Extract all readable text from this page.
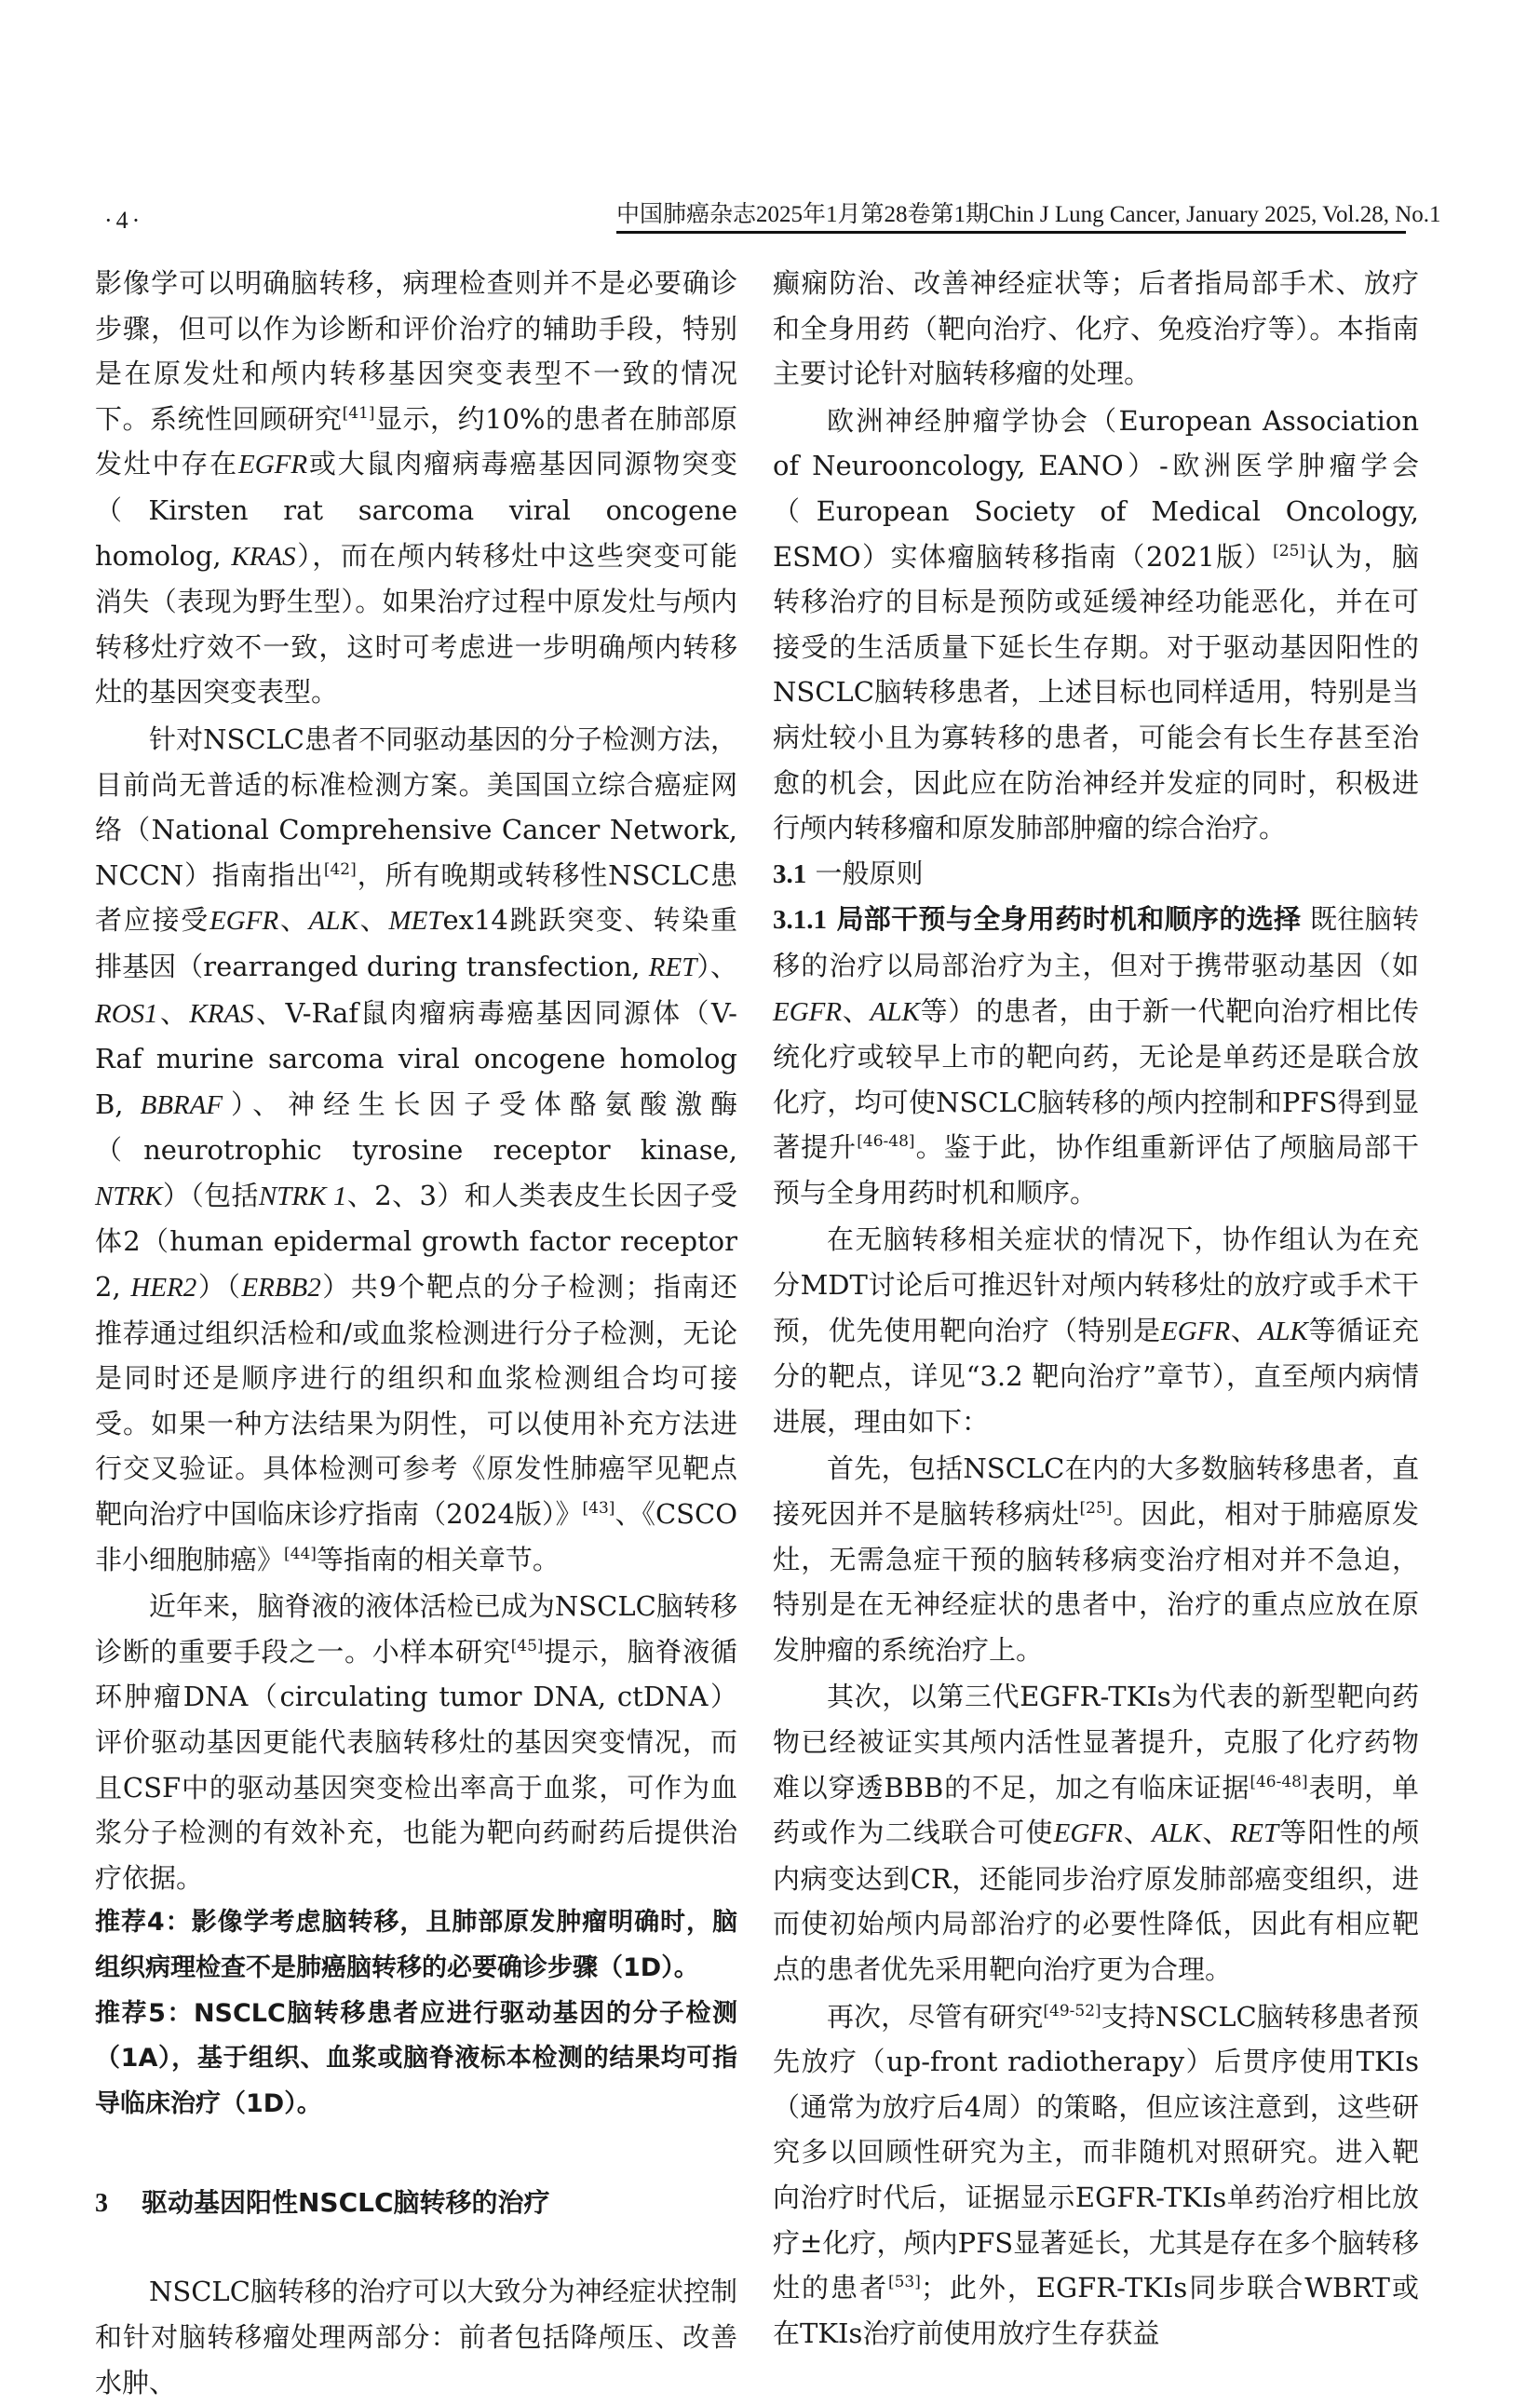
·4·	中国肺癌杂志2025年1月第28卷第1期 Chin J Lung Cancer, January 2025, Vol.28, No.1

影像学可以明确脑转移，病理检查则并不是必要确诊步骤，但可以作为诊断和评价治疗的辅助手段，特别是在原发灶和颅内转移基因突变表型不一致的情况下。系统性回顾研究[41]显示，约10%的患者在肺部原发灶中存在EGFR或大鼠肉瘤病毒癌基因同源物突变（Kirsten rat sarcoma viral oncogene homolog, KRAS），而在颅内转移灶中这些突变可能消失（表现为野生型）。如果治疗过程中原发灶与颅内转移灶疗效不一致，这时可考虑进一步明确颅内转移灶的基因突变表型。

针对NSCLC患者不同驱动基因的分子检测方法，目前尚无普适的标准检测方案。美国国立综合癌症网络（National Comprehensive Cancer Network, NCCN）指南指出[42]，所有晚期或转移性NSCLC患者应接受EGFR、ALK、METex14跳跃突变、转染重排基因（rearranged during transfection, RET）、ROS1、KRAS、V-Raf鼠肉瘤病毒癌基因同源体（V-Raf murine sarcoma viral oncogene homolog B, BBRAF）、神经生长因子受体酪氨酸激酶（neurotrophic tyrosine receptor kinase, NTRK）（包括NTRK 1、2、3）和人类表皮生长因子受体2（human epidermal growth factor receptor 2, HER2）（ERBB2）共9个靶点的分子检测；指南还推荐通过组织活检和/或血浆检测进行分子检测，无论是同时还是顺序进行的组织和血浆检测组合均可接受。如果一种方法结果为阴性，可以使用补充方法进行交叉验证。具体检测可参考《原发性肺癌罕见靶点靶向治疗中国临床诊疗指南（2024版）》[43]、《CSCO非小细胞肺癌》[44]等指南的相关章节。

近年来，脑脊液的液体活检已成为NSCLC脑转移诊断的重要手段之一。小样本研究[45]提示，脑脊液循环肿瘤DNA（circulating tumor DNA, ctDNA）评价驱动基因更能代表脑转移灶的基因突变情况，而且CSF中的驱动基因突变检出率高于血浆，可作为血浆分子检测的有效补充，也能为靶向药耐药后提供治疗依据。

推荐4：影像学考虑脑转移，且肺部原发肿瘤明确时，脑组织病理检查不是肺癌脑转移的必要确诊步骤（1D）。

推荐5：NSCLC脑转移患者应进行驱动基因的分子检测（1A），基于组织、血浆或脑脊液标本检测的结果均可指导临床治疗（1D）。

3 驱动基因阳性NSCLC脑转移的治疗

NSCLC脑转移的治疗可以大致分为神经症状控制和针对脑转移瘤处理两部分：前者包括降颅压、改善水肿、

癫痫防治、改善神经症状等；后者指局部手术、放疗和全身用药（靶向治疗、化疗、免疫治疗等）。本指南主要讨论针对脑转移瘤的处理。

欧洲神经肿瘤学协会（European Association of Neurooncology, EANO）-欧洲医学肿瘤学会（European Society of Medical Oncology, ESMO）实体瘤脑转移指南（2021版）[25]认为，脑转移治疗的目标是预防或延缓神经功能恶化，并在可接受的生活质量下延长生存期。对于驱动基因阳性的NSCLC脑转移患者，上述目标也同样适用，特别是当病灶较小且为寡转移的患者，可能会有长生存甚至治愈的机会，因此应在防治神经并发症的同时，积极进行颅内转移瘤和原发肺部肿瘤的综合治疗。

3.1 一般原则

3.1.1 局部干预与全身用药时机和顺序的选择 既往脑转移的治疗以局部治疗为主，但对于携带驱动基因（如EGFR、ALK等）的患者，由于新一代靶向治疗相比传统化疗或较早上市的靶向药，无论是单药还是联合放化疗，均可使NSCLC脑转移的颅内控制和PFS得到显著提升[46-48]。鉴于此，协作组重新评估了颅脑局部干预与全身用药时机和顺序。

在无脑转移相关症状的情况下，协作组认为在充分MDT讨论后可推迟针对颅内转移灶的放疗或手术干预，优先使用靶向治疗（特别是EGFR、ALK等循证充分的靶点，详见“3.2 靶向治疗”章节），直至颅内病情进展，理由如下：

首先，包括NSCLC在内的大多数脑转移患者，直接死因并不是脑转移病灶[25]。因此，相对于肺癌原发灶，无需急症干预的脑转移病变治疗相对并不急迫，特别是在无神经症状的患者中，治疗的重点应放在原发肿瘤的系统治疗上。

其次，以第三代EGFR-TKIs为代表的新型靶向药物已经被证实其颅内活性显著提升，克服了化疗药物难以穿透BBB的不足，加之有临床证据[46-48]表明，单药或作为二线联合可使EGFR、ALK、RET等阳性的颅内病变达到CR，还能同步治疗原发肺部癌变组织，进而使初始颅内局部治疗的必要性降低，因此有相应靶点的患者优先采用靶向治疗更为合理。

再次，尽管有研究[49-52]支持NSCLC脑转移患者预先放疗（up-front radiotherapy）后贯序使用TKIs（通常为放疗后4周）的策略，但应该注意到，这些研究多以回顾性研究为主，而非随机对照研究。进入靶向治疗时代后，证据显示EGFR-TKIs单药治疗相比放疗±化疗，颅内PFS显著延长，尤其是存在多个脑转移灶的患者[53]；此外，EGFR-TKIs同步联合WBRT或在TKIs治疗前使用放疗生存获益
